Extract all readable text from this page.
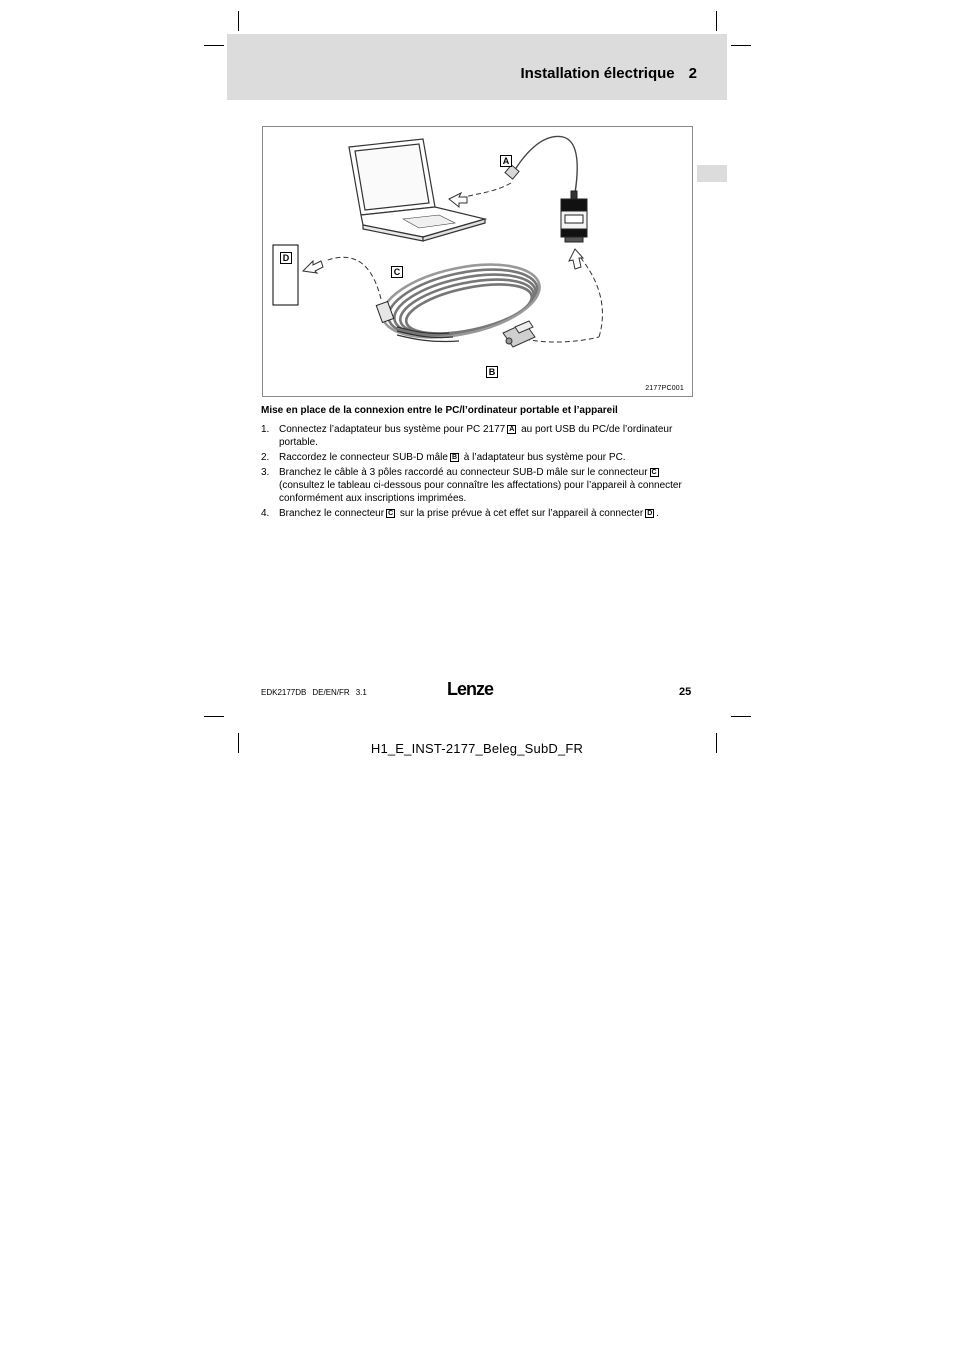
Installation électrique 2
A
D
C
B
2177PC001
Mise en place de la connexion entre le PC/l’ordinateur portable et l’appareil
1. Connectez l’adaptateur bus système pour PC 2177 A au port USB du PC/de l’ordinateur portable.
2. Raccordez le connecteur SUB-D mâle B à l’adaptateur bus système pour PC.
3. Branchez le câble à 3 pôles raccordé au connecteur SUB-D mâle sur le connecteur C (consultez le tableau ci-dessous pour connaître les affectations) pour l’appareil à connecter conformément aux inscriptions imprimées.
4. Branchez le connecteur C sur la prise prévue à cet effet sur l’appareil à connecter D .
EDK2177DB DE/EN/FR 3.1	Lenze	25
H1_E_INST-2177_Beleg_SubD_FR
